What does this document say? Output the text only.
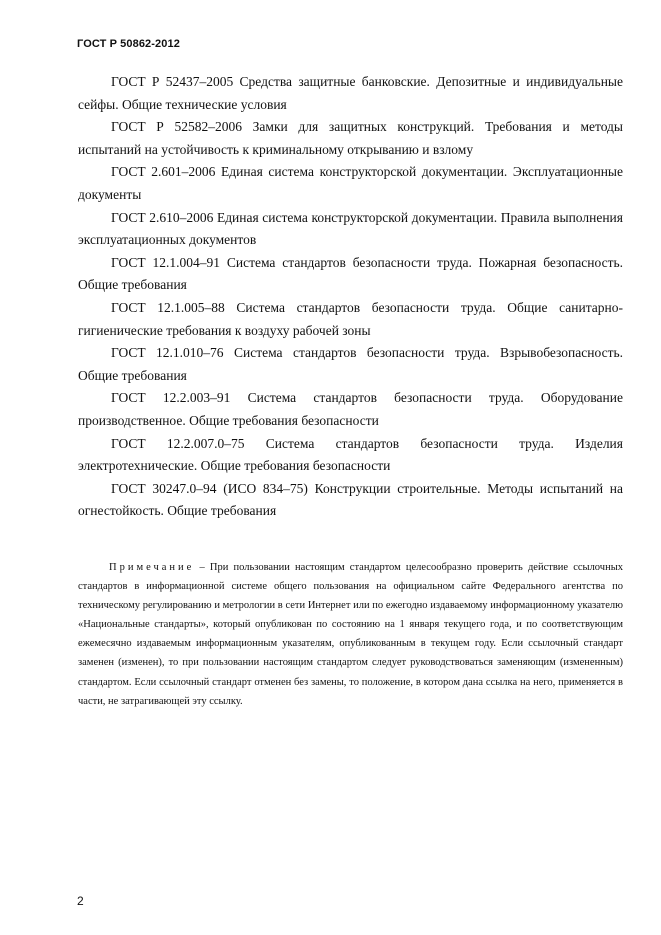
ГОСТ Р 50862-2012

ГОСТ Р 52437–2005 Средства защитные банковские. Депозитные и индивидуальные сейфы. Общие технические условия

ГОСТ Р 52582–2006 Замки для защитных конструкций. Требования и методы испытаний на устойчивость к криминальному открыванию и взлому

ГОСТ 2.601–2006 Единая система конструкторской документации. Эксплуатационные документы

ГОСТ 2.610–2006 Единая система конструкторской документации. Правила выполнения эксплуатационных документов

ГОСТ 12.1.004–91 Система стандартов безопасности труда. Пожарная безопасность. Общие требования

ГОСТ 12.1.005–88 Система стандартов безопасности труда. Общие санитарно-гигиенические требования к воздуху рабочей зоны

ГОСТ 12.1.010–76 Система стандартов безопасности труда. Взрывобезопасность. Общие требования

ГОСТ 12.2.003–91 Система стандартов безопасности труда. Оборудование производственное. Общие требования безопасности

ГОСТ 12.2.007.0–75 Система стандартов безопасности труда. Изделия электротехнические. Общие требования безопасности

ГОСТ 30247.0–94 (ИСО 834–75) Конструкции строительные. Методы испытаний на огнестойкость. Общие требования

Примечание – При пользовании настоящим стандартом целесообразно проверить действие ссылочных стандартов в информационной системе общего пользования на официальном сайте Федерального агентства по техническому регулированию и метрологии в сети Интернет или по ежегодно издаваемому информационному указателю «Национальные стандарты», который опубликован по состоянию на 1 января текущего года, и по соответствующим ежемесячно издаваемым информационным указателям, опубликованным в текущем году. Если ссылочный стандарт заменен (изменен), то при пользовании настоящим стандартом следует руководствоваться заменяющим (измененным) стандартом. Если ссылочный стандарт отменен без замены, то положение, в котором дана ссылка на него, применяется в части, не затрагивающей эту ссылку.

2
